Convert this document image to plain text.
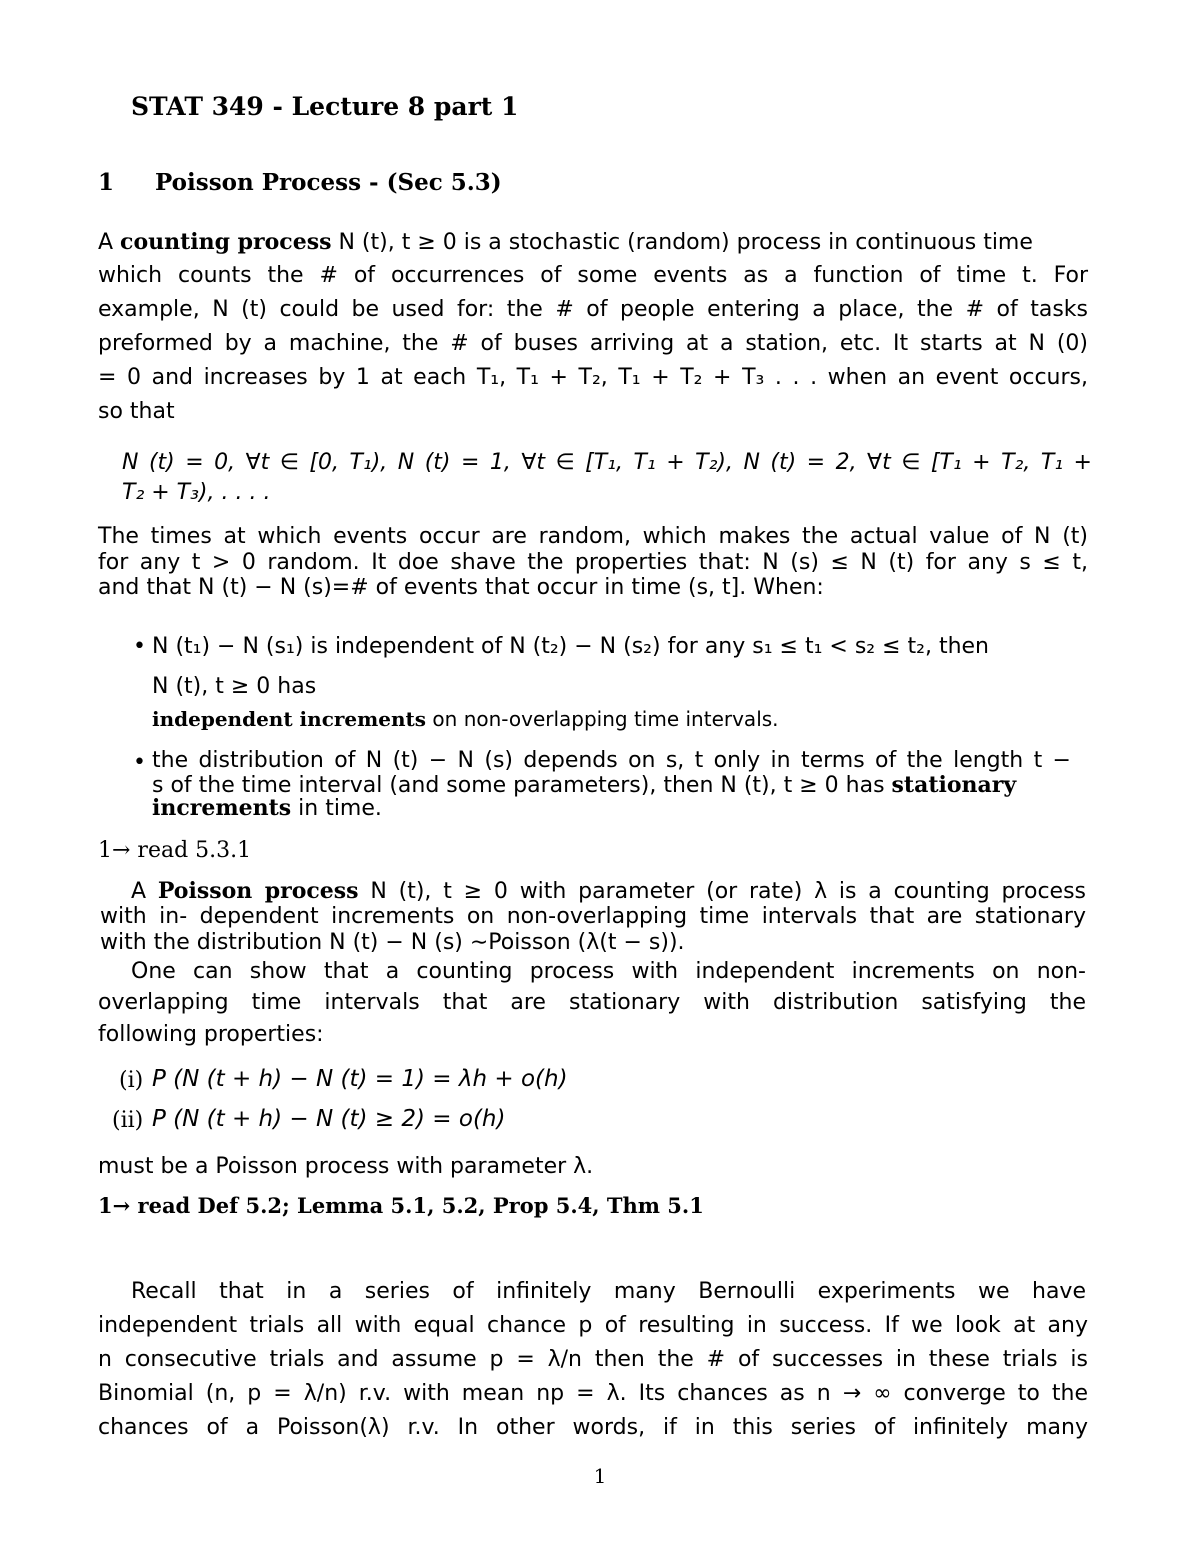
STAT 349 - Lecture 8 part 1
1 Poisson Process - (Sec 5.3)
A counting process N (t), t ≥ 0 is a stochastic (random) process in continuous time
which counts the # of occurrences of some events as a function of time t. For
example, N (t) could be used for: the # of people entering a place, the # of tasks
preformed by a machine, the # of buses arriving at a station, etc. It starts at N (0)
= 0 and increases by 1 at each T₁, T₁ + T₂, T₁ + T₂ + T₃ . . . when an event occurs,
so that
N (t) = 0, ∀t ∈ [0, T₁), N (t) = 1, ∀t ∈ [T₁, T₁ + T₂), N (t) = 2, ∀t ∈ [T₁ + T₂, T₁ +
T₂ + T₃), . . . .
The times at which events occur are random, which makes the actual value of N (t)
for any t > 0 random. It doe shave the properties that: N (s) ≤ N (t) for any s ≤ t,
and that N (t) − N (s)=# of events that occur in time (s, t]. When:
• N (t₁) − N (s₁) is independent of N (t₂) − N (s₂) for any s₁ ≤ t₁ < s₂ ≤ t₂, then
N (t), t ≥ 0 has
independent increments on non-overlapping time intervals.
• the distribution of N (t) − N (s) depends on s, t only in terms of the length t −
s of the time interval (and some parameters), then N (t), t ≥ 0 has stationary
increments in time.
1→ read 5.3.1
A Poisson process N (t), t ≥ 0 with parameter (or rate) λ is a counting process
with in- dependent increments on non-overlapping time intervals that are stationary
with the distribution N (t) − N (s) ∼Poisson (λ(t − s)).
One can show that a counting process with independent increments on non-
overlapping time intervals that are stationary with distribution satisfying the
following properties:
(i) P (N (t + h) − N (t) = 1) = λh + o(h)
(ii) P (N (t + h) − N (t) ≥ 2) = o(h)
must be a Poisson process with parameter λ.
1→ read Def 5.2; Lemma 5.1, 5.2, Prop 5.4, Thm 5.1
Recall that in a series of infinitely many Bernoulli experiments we have
independent trials all with equal chance p of resulting in success. If we look at any
n consecutive trials and assume p = λ/n then the # of successes in these trials is
Binomial (n, p = λ/n) r.v. with mean np = λ. Its chances as n → ∞ converge to the
chances of a Poisson(λ) r.v. In other words, if in this series of infinitely many
1
